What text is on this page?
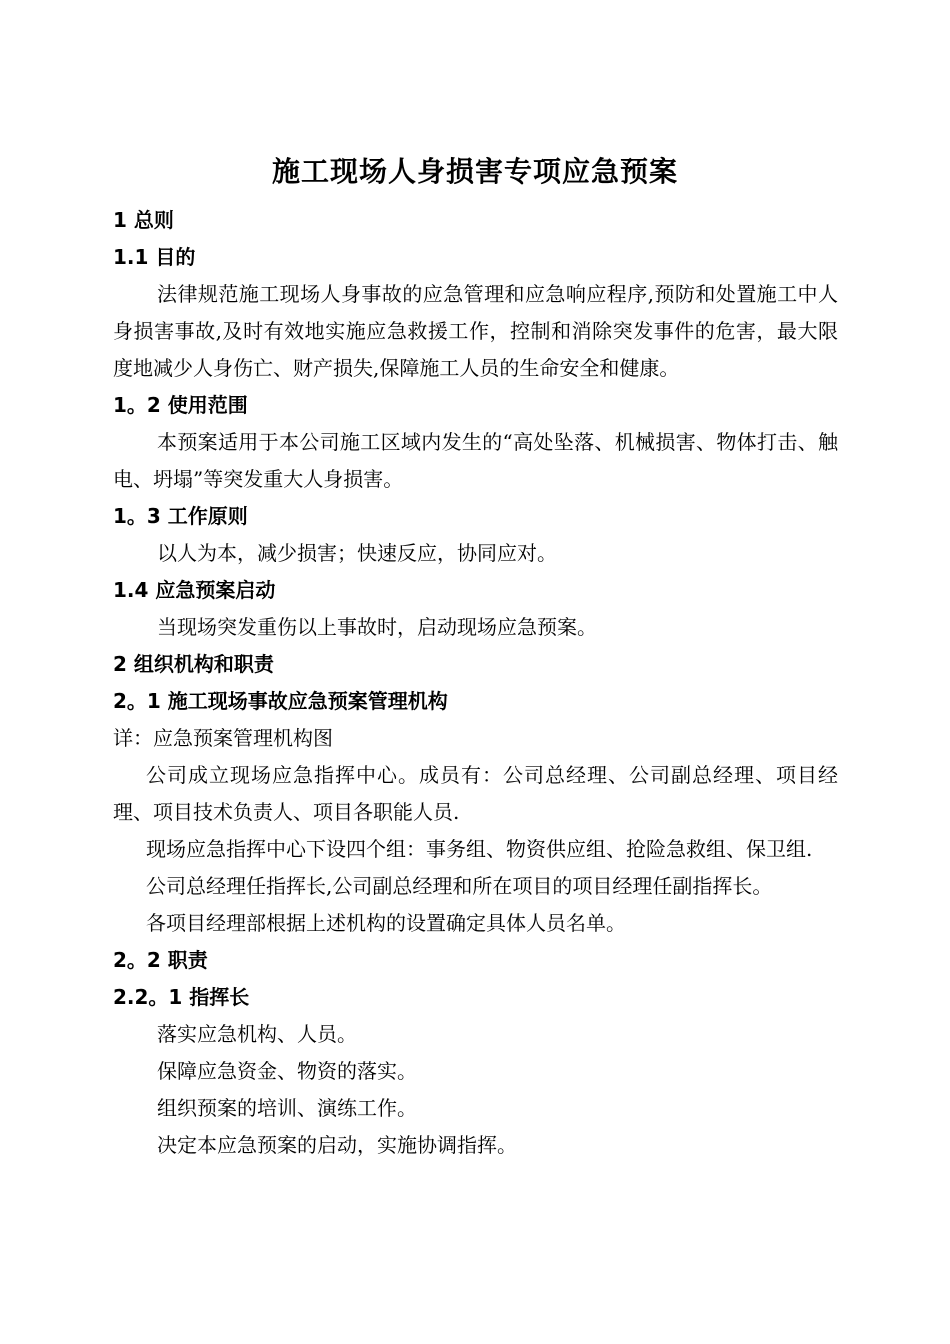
施工现场人身损害专项应急预案

1 总则

1.1 目的

法律规范施工现场人身事故的应急管理和应急响应程序,预防和处置施工中人身损害事故,及时有效地实施应急救援工作，控制和消除突发事件的危害，最大限度地减少人身伤亡、财产损失,保障施工人员的生命安全和健康。

1。2 使用范围

本预案适用于本公司施工区域内发生的“高处坠落、机械损害、物体打击、触电、坍塌”等突发重大人身损害。

1。3 工作原则

以人为本，减少损害；快速反应，协同应对。

1.4 应急预案启动

当现场突发重伤以上事故时，启动现场应急预案。

2 组织机构和职责

2。1 施工现场事故应急预案管理机构

详：应急预案管理机构图

公司成立现场应急指挥中心。成员有：公司总经理、公司副总经理、项目经理、项目技术负责人、项目各职能人员.

现场应急指挥中心下设四个组：事务组、物资供应组、抢险急救组、保卫组.

公司总经理任指挥长,公司副总经理和所在项目的项目经理任副指挥长。

各项目经理部根据上述机构的设置确定具体人员名单。

2。2 职责

2.2。1 指挥长

落实应急机构、人员。

保障应急资金、物资的落实。

组织预案的培训、演练工作。

决定本应急预案的启动，实施协调指挥。
